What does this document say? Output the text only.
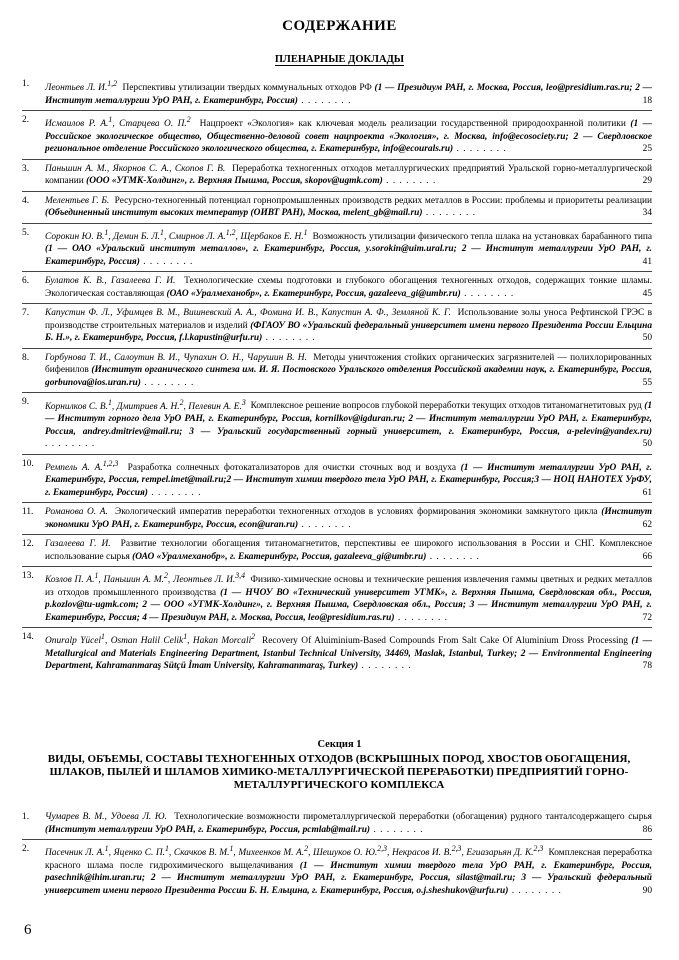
СОДЕРЖАНИЕ
ПЛЕНАРНЫЕ ДОКЛАДЫ
1.	Леонтьев Л. И.$^{1,2}$ Перспективы утилизации твердых коммунальных отходов РФ (1 — Президиум РАН, г. Москва, Россия, leo@presidium.ras.ru; 2 — Институт металлургии УрО РАН, г. Екатеринбург, Россия) . . . . . . . .	18
2.	Исмаилов Р. А.$^1$, Старцева О. П.$^2$ Нацпроект «Экология» как ключевая модель реализации государственной природоохранной политики (1 — Российское экологическое общество, Общественно-деловой совет нацпроекта «Экология», г. Москва, info@ecosociety.ru; 2 — Свердловское региональное отделение Российского экологического общества, г. Екатеринбург, info@ecourals.ru) . . . . . . . .	25
3.	Паньшин А. М., Якорнов С. А., Скопов Г. В. Переработка техногенных отходов металлургических предприятий Уральской горно-металлургической компании (ООО «УГМК-Холдинг», г. Верхняя Пышма, Россия, skopov@ugmk.com) . . . . . . . .	29
4.	Мелентьев Г. Б. Ресурсно-техногенный потенциал горнопромышленных производств редких металлов в России: проблемы и приоритеты реализации (Объединенный институт высоких температур (ОИВТ РАН), Москва, melent_gb@mail.ru) . . . . . . . .	34
5.	Сорокин Ю. В.$^1$, Демин Б. Л.$^1$, Смирнов Л. А.$^{1,2}$, Щербаков Е. Н.$^1$ Возможность утилизации физического тепла шлака на установках барабанного типа (1 — ОАО «Уральский институт металлов», г. Екатеринбург, Россия, y.sorokin@uim.ural.ru; 2 — Институт металлургии УрО РАН, г. Екатеринбург, Россия) . . . . . . . .	41
6.	Булатов К. В., Газалеева Г. И. Технологические схемы подготовки и глубокого обогащения техногенных отходов, содержащих тонкие шламы. Экологическая составляющая (ОАО «Уралмеханобр», г. Екатеринбург, Россия, gazaleeva_gi@umbr.ru) . . . . . . . .	45
7.	Капустин Ф. Л., Уфимцев В. М., Вишневский А. А., Фомина И. В., Капустин А. Ф., Земляной К. Г. Использование золы уноса Рефтинской ГРЭС в производстве строительных материалов и изделий (ФГАОУ ВО «Уральский федеральный университет имени первого Президента России Ельцина Б. Н.», г. Екатеринбург, Россия, f.l.kapustin@urfu.ru) . . . . . . . .	50
8.	Горбунова Т. И., Салоутин В. И., Чупахин О. Н., Чарушин В. Н. Методы уничтожения стойких органических загрязнителей — полихлорированных бифенилов (Институт органического синтеза им. И. Я. Постовского Уральского отделения Российской академии наук, г. Екатеринбург, Россия, gorbunova@ios.uran.ru) . . . . . . . .	55
9.	Корнилков С. В.$^1$, Дмитриев А. Н.$^2$, Пелевин А. Е.$^3$ Комплексное решение вопросов глубокой переработки текущих отходов титаномагнетитовых руд (1 — Институт горного дела УрО РАН, г. Екатеринбург, Россия, kornilkov@igduran.ru; 2 — Институт металлургии УрО РАН, г. Екатеринбург, Россия, andrey.dmitriev@mail.ru; 3 — Уральский государственный горный университет, г. Екатеринбург, Россия, a-pelevin@yandex.ru) . . . . . . . .	50
10.	Ремпель А. А.$^{1,2,3}$ Разработка солнечных фотокатализаторов для очистки сточных вод и воздуха (1 — Институт металлургии УрО РАН, г. Екатеринбург, Россия, rempel.imet@mail.ru;2 — Институт химии твердого тела УрО РАН, г. Екатеринбург, Россия;3 — НОЦ НАНОТЕХ УрФУ, г. Екатеринбург, Россия) . . . . . . . .	61
11.	Романова О. А. Экологический императив переработки техногенных отходов в условиях формирования экономики замкнутого цикла (Институт экономики УрО РАН, г. Екатеринбург, Россия, econ@uran.ru) . . . . . . . .	62
12.	Газалеева Г. И. Развитие технологии обогащения титаномагнетитов, перспективы ее широкого использования в России и СНГ. Комплексное использование сырья (ОАО «Уралмеханобр», г. Екатеринбург, Россия, gazaleeva_gi@umbr.ru) . . . . . . . .	66
13.	Козлов П. А.$^1$, Паньшин А. М.$^2$, Леонтьев Л. И.$^{3,4}$ Физико-химические основы и технические решения извлечения гаммы цветных и редких металлов из отходов промышленного производства (1 — НЧОУ ВО «Технический университет УГМК», г. Верхняя Пышма, Свердловская обл., Россия, p.kozlov@tu-ugmk.com; 2 — ООО «УГМК-Холдинг», г. Верхняя Пышма, Свердловская обл., Россия; 3 — Институт металлургии УрО РАН, г. Екатеринбург, Россия; 4 — Президиум РАН, г. Москва, Россия, leo@presidium.ras.ru) . . . . . . . .	72
14.	Onuralp Yücel$^1$, Osman Halil Celik$^1$, Hakan Morcali$^2$ Recovery Of Aluiminium-Based Compounds From Salt Cake Of Aluminium Dross Processing (1 — Metallurgical and Materials Engineering Department, Istanbul Technical University, 34469, Maslak, Istanbul, Turkey; 2 — Environmental Engineering Department, Kahramanmaraş Sütçü İmam University, Kahramanmaraş, Turkey) . . . . . . . .	78
Секция 1
ВИДЫ, ОБЪЕМЫ, СОСТАВЫ ТЕХНОГЕННЫХ ОТХОДОВ (ВСКРЫШНЫХ ПОРОД, ХВОСТОВ ОБОГАЩЕНИЯ, ШЛАКОВ, ПЫЛЕЙ И ШЛАМОВ ХИМИКО-МЕТАЛЛУРГИЧЕСКОЙ ПЕРЕРАБОТКИ) ПРЕДПРИЯТИЙ ГОРНО-МЕТАЛЛУРГИЧЕСКОГО КОМПЛЕКСА
1.	Чумарев В. М., Удоева Л. Ю. Технологические возможности пирометаллургической переработки (обогащения) рудного танталсодержащего сырья (Институт металлургии УрО РАН, г. Екатеринбург, Россия, pcmlab@mail.ru) . . . . . . . .	86
2.	Пасечник Л. А.$^1$, Яценко С. П.$^1$, Скачков В. М.$^1$, Михеенков М. А.$^2$, Шешуков О. Ю.$^{2,3}$, Некрасов И. В.$^{2,3}$, Егиазарьян Д. К.$^{2,3}$ Комплексная переработка красного шлама после гидрохимического выщелачивания (1 — Институт химии твердого тела УрО РАН, г. Екатеринбург, Россия, pasechnik@ihim.uran.ru; 2 — Институт металлургии УрО РАН, г. Екатеринбург, Россия, silast@mail.ru; 3 — Уральский федеральный университет имени первого Президента России Б. Н. Ельцина, г. Екатеринбург, Россия, o.j.sheshukov@urfu.ru) . . . . . . . .	90
6
